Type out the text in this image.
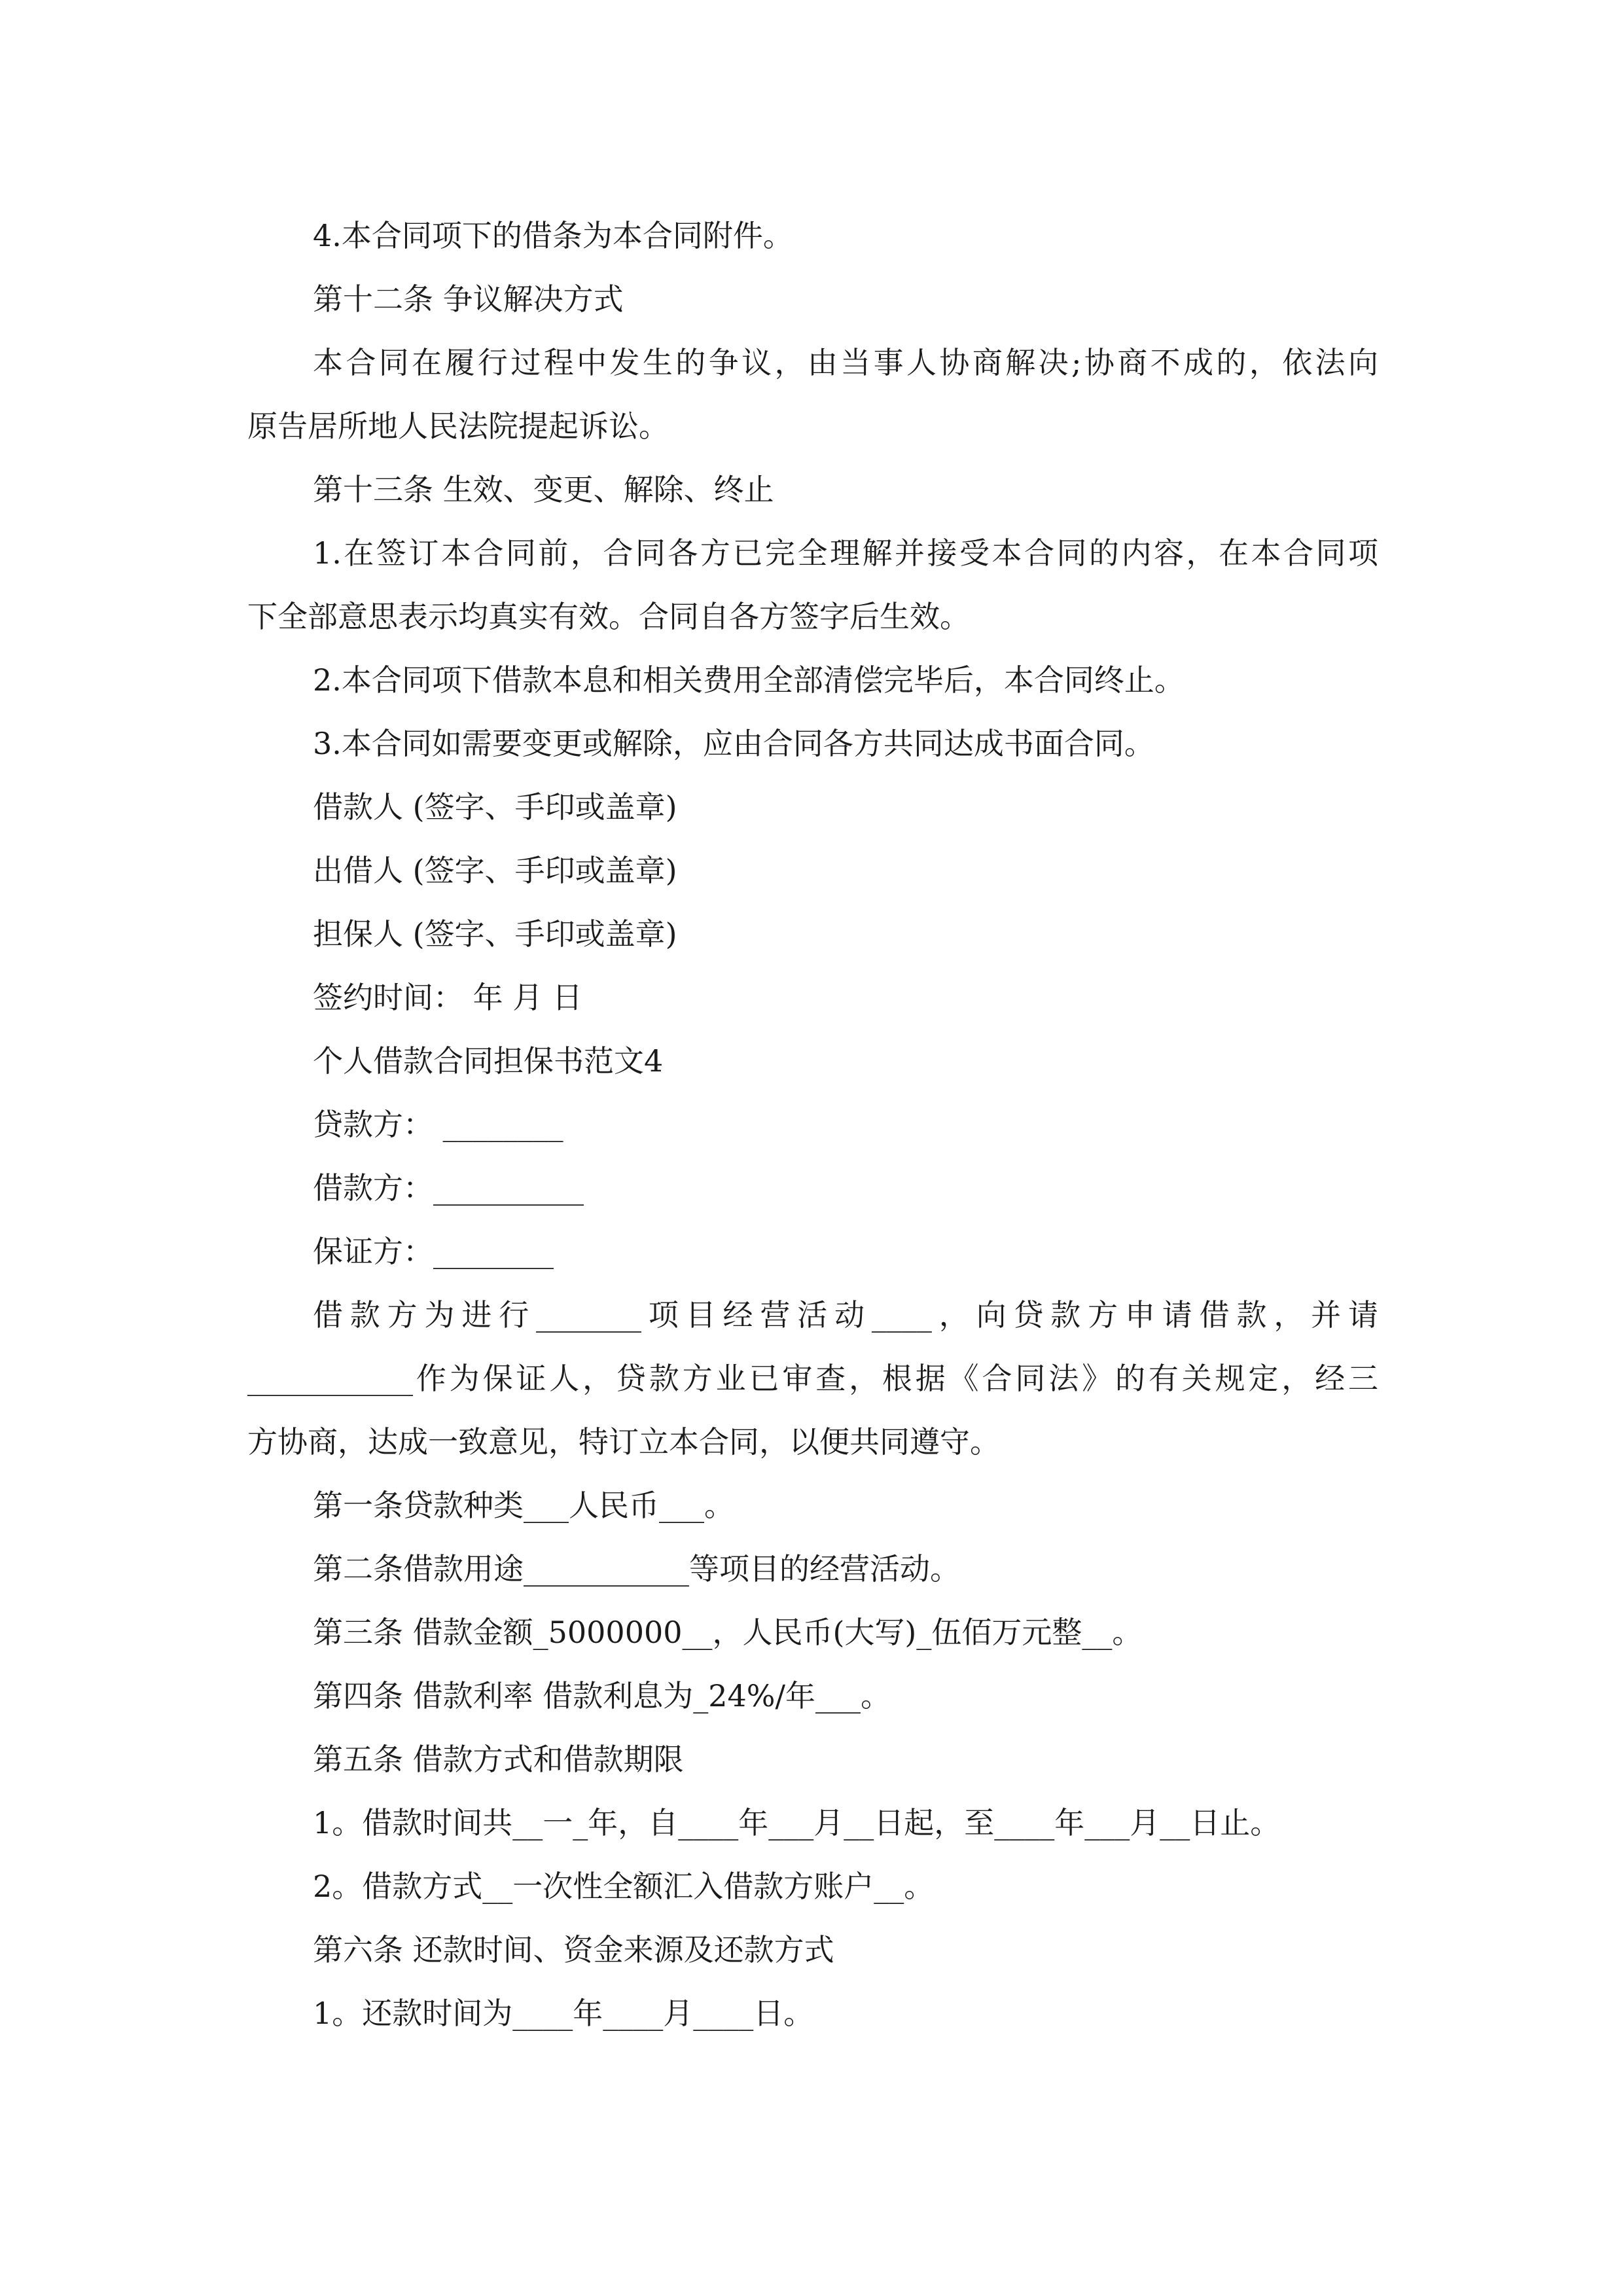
4.本合同项下的借条为本合同附件。
第十二条 争议解决方式
本合同在履行过程中发生的争议，由当事人协商解决;协商不成的，依法向
原告居所地人民法院提起诉讼。
第十三条 生效、变更、解除、终止
1.在签订本合同前，合同各方已完全理解并接受本合同的内容，在本合同项
下全部意思表示均真实有效。合同自各方签字后生效。
2.本合同项下借款本息和相关费用全部清偿完毕后，本合同终止。
3.本合同如需要变更或解除，应由合同各方共同达成书面合同。
借款人 (签字、手印或盖章)
出借人 (签字、手印或盖章)
担保人 (签字、手印或盖章)
签约时间： 年 月 日
个人借款合同担保书范文4
贷款方： ________
借款方：__________
保证方：________
借款方为进行_______项目经营活动____，向贷款方申请借款，并请
___________作为保证人，贷款方业已审查，根据《合同法》的有关规定，经三
方协商，达成一致意见，特订立本合同，以便共同遵守。
第一条贷款种类___人民币___。
第二条借款用途___________等项目的经营活动。
第三条 借款金额_5000000__，人民币(大写)_伍佰万元整__。
第四条 借款利率 借款利息为_24%/年___。
第五条 借款方式和借款期限
1。借款时间共__一_年，自____年___月__日起，至____年___月__日止。
2。借款方式__一次性全额汇入借款方账户__。
第六条 还款时间、资金来源及还款方式
1。还款时间为____年____月____日。
